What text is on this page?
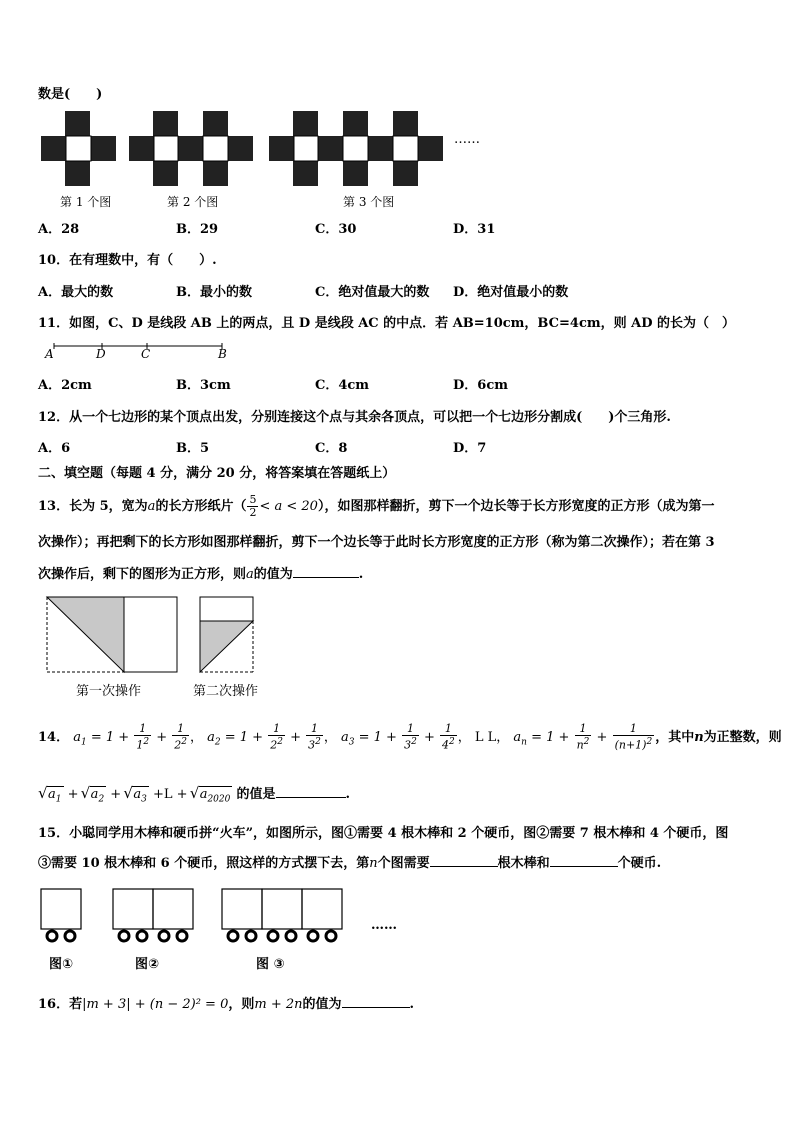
数是(　　)
……
第 1 个图	第 2 个图	第 3 个图
A．28	B．29	C．30	D．31
10．在有理数中，有（　　）.
A．最大的数	B．最小的数	C．绝对值最大的数 D．绝对值最小的数
11．如图，C、D 是线段 AB 上的两点，且 D 是线段 AC 的中点．若 AB=10cm，BC=4cm，则 AD 的长为（　）
A	D	C	B
A．2cm	B．3cm	C．4cm	D．6cm
12．从一个七边形的某个顶点出发，分别连接这个点与其余各顶点，可以把一个七边形分割成(　　)个三角形.
A．6	B．5	C．8	D．7
二、填空题（每题 4 分，满分 20 分，将答案填在答题纸上）
13．长为 5，宽为a的长方形纸片（ $\frac{5}{2} < a < 20$），如图那样翻折，剪下一个边长等于长方形宽度的正方形（成为第一
次操作）；再把剩下的长方形如图那样翻折，剪下一个边长等于此时长方形宽度的正方形（称为第二次操作）；若在第 3
次操作后，剩下的图形为正方形，则a的值为	.
第一次操作	第二次操作
14． $a_1 = 1 + \frac{1}{1^2} + \frac{1}{2^2}$ ， $a_2 = 1 + \frac{1}{2^2} + \frac{1}{3^2}$ ， $a_3 = 1 + \frac{1}{3^2} + \frac{1}{4^2}$ ， L L， $a_n = 1 + \frac{1}{n^2} + \frac{1}{(n+1)^2}$ ，其中n为正整数，则
√ $a_1$ + √ $a_2$ + √ $a_3 +L$ + √ $a_{2020}$ 的值是	.
15．小聪同学用木棒和硬币拼“火车”，如图所示，图①需要 4 根木棒和 2 个硬币，图②需要 7 根木棒和 4 个硬币，图
③需要 10 根木棒和 6 个硬币，照这样的方式摆下去，第n个图需要	根木棒和	个硬币.
……
图①	图②	图 ③
16．若|m + 3| + (n − 2)² = 0，则m + 2n的值为	.
